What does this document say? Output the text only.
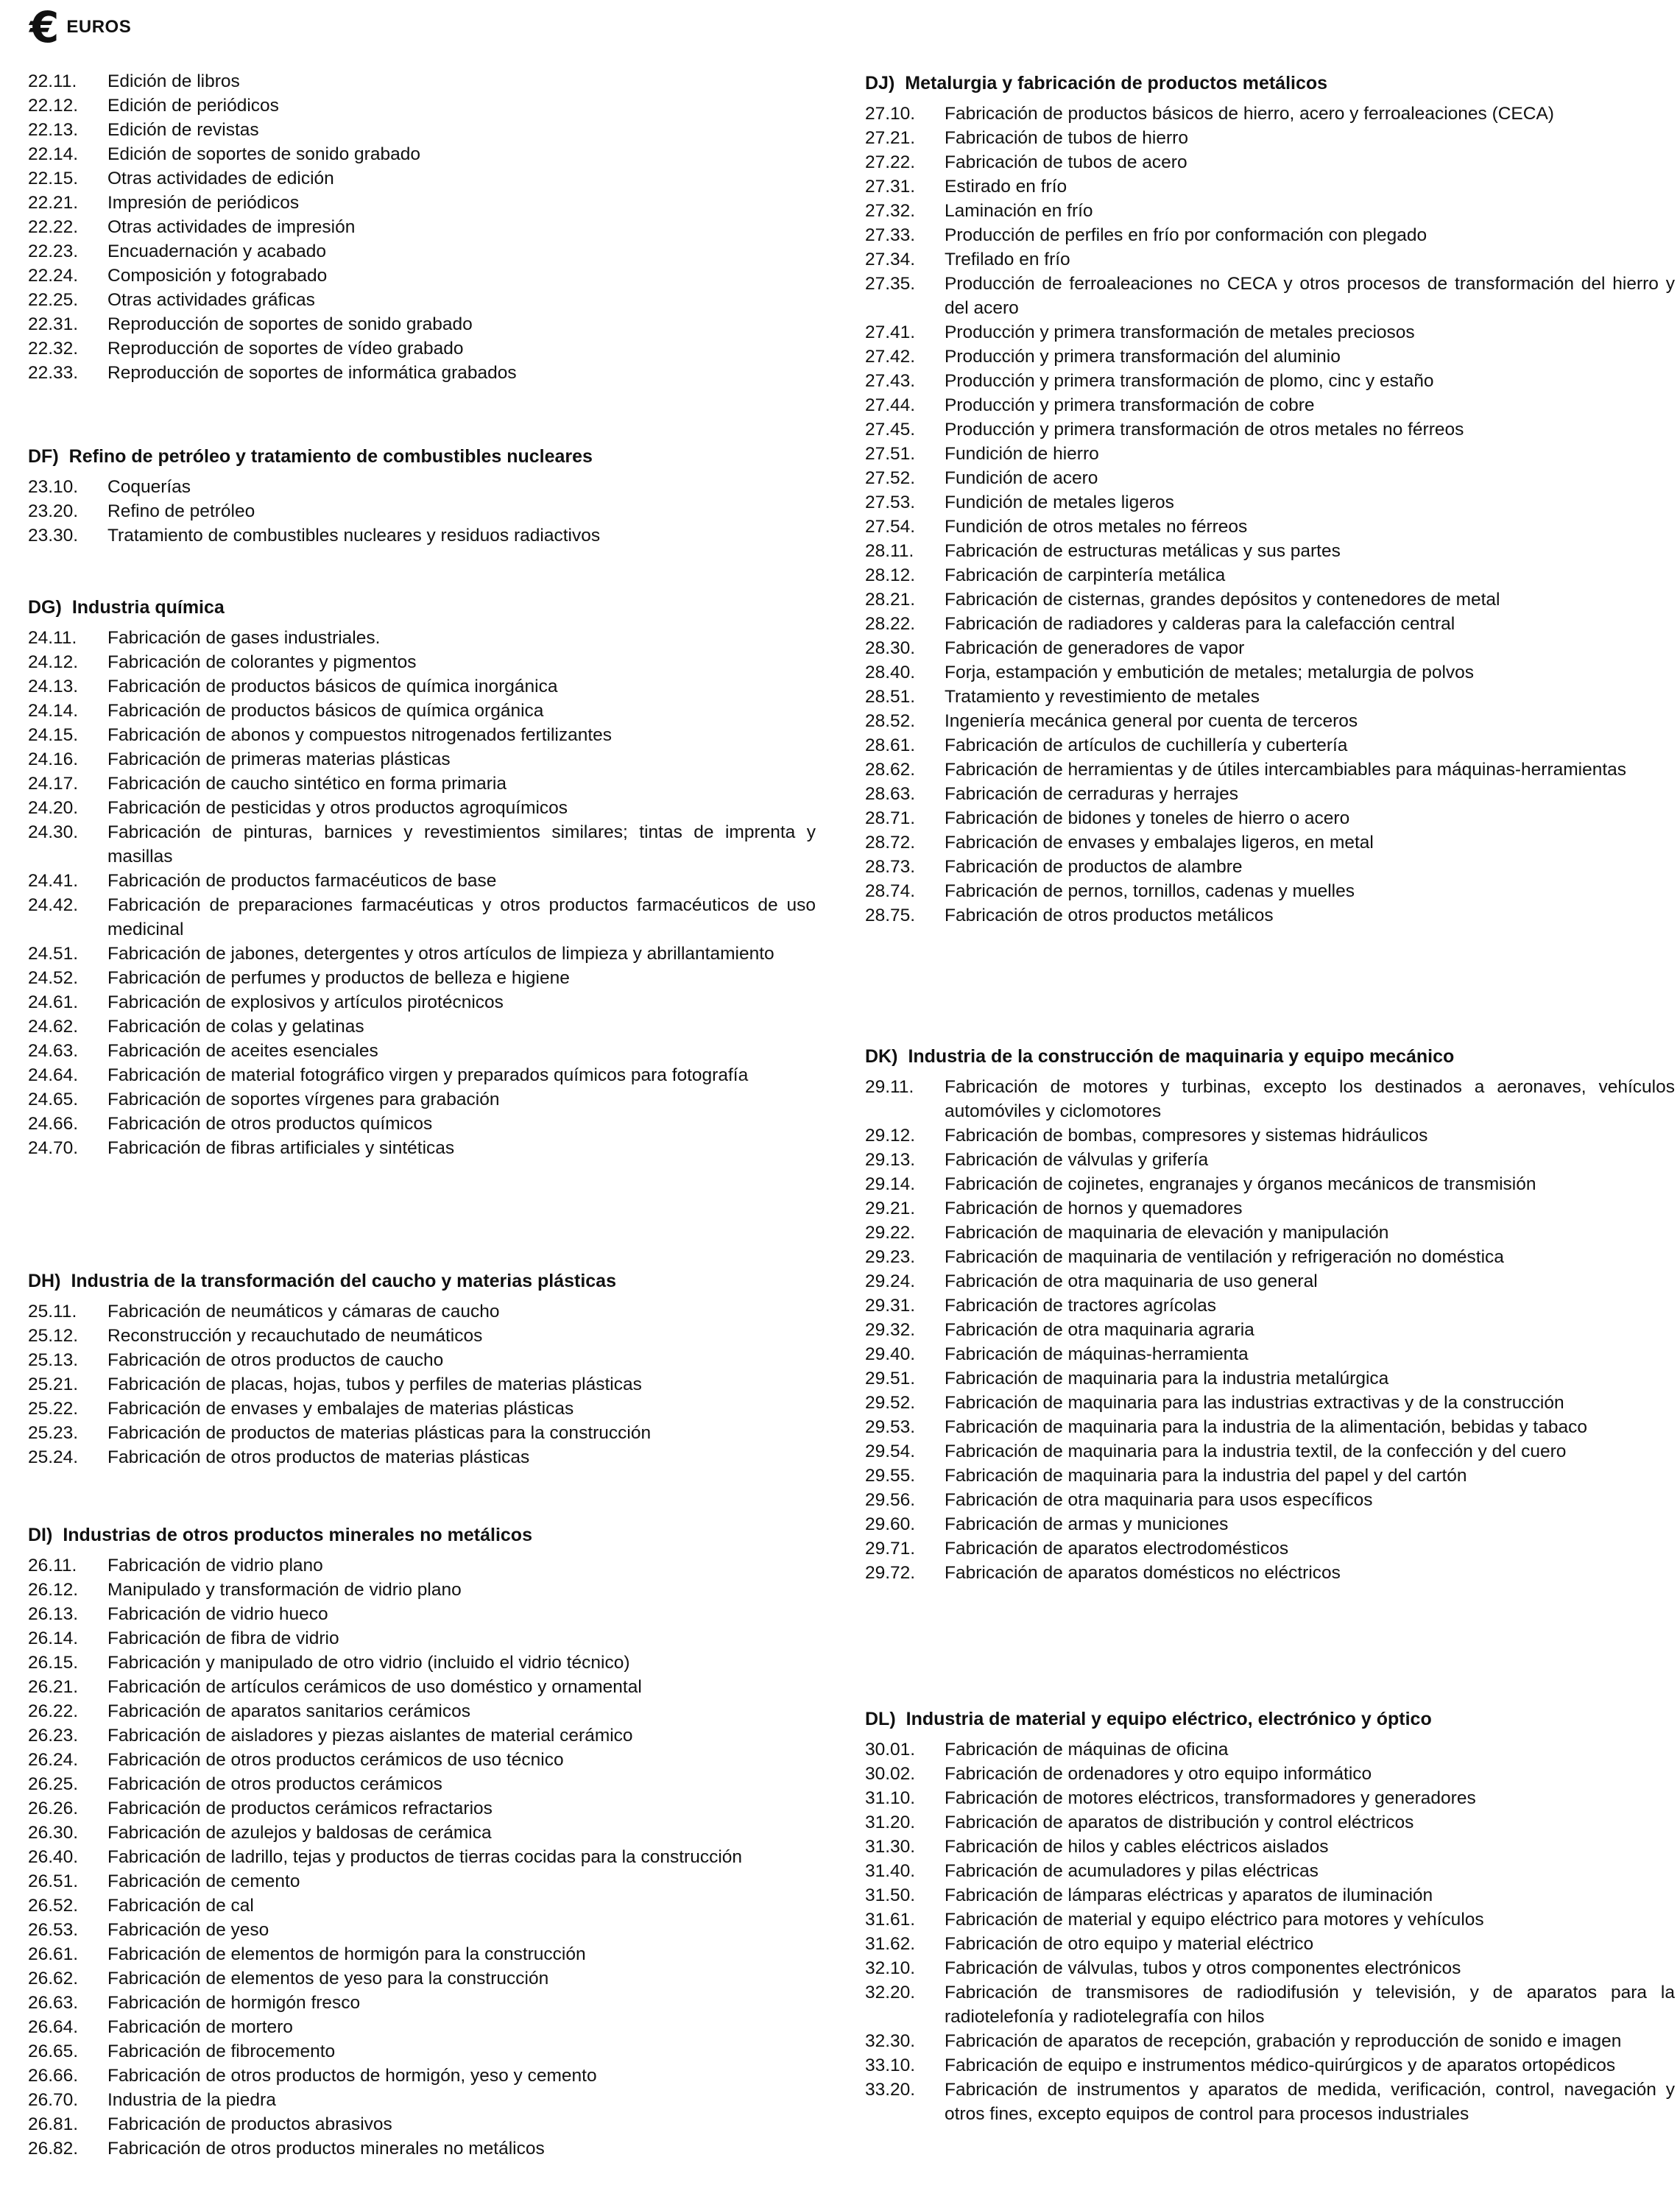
€ EUROS
22.11.	Edición de libros
22.12.	Edición de periódicos
22.13.	Edición de revistas
22.14.	Edición de soportes de sonido grabado
22.15.	Otras actividades de edición
22.21.	Impresión de periódicos
22.22.	Otras actividades de impresión
22.23.	Encuadernación y acabado
22.24.	Composición y fotograbado
22.25.	Otras actividades gráficas
22.31.	Reproducción de soportes de sonido grabado
22.32.	Reproducción de soportes de vídeo grabado
22.33.	Reproducción de soportes de informática grabados
DF) Refino de petróleo y tratamiento de combustibles nucleares
23.10.	Coquerías
23.20.	Refino de petróleo
23.30.	Tratamiento de combustibles nucleares y residuos radiactivos
DG) Industria química
24.11.	Fabricación de gases industriales.
24.12.	Fabricación de colorantes y pigmentos
24.13.	Fabricación de productos básicos de química inorgánica
24.14.	Fabricación de productos básicos de química orgánica
24.15.	Fabricación de abonos y compuestos nitrogenados fertilizantes
24.16.	Fabricación de primeras materias plásticas
24.17.	Fabricación de caucho sintético en forma primaria
24.20.	Fabricación de pesticidas y otros productos agroquímicos
24.30.	Fabricación de pinturas, barnices y revestimientos similares; tintas de imprenta y masillas
24.41.	Fabricación de productos farmacéuticos de base
24.42.	Fabricación de preparaciones farmacéuticas y otros productos farmacéuticos de uso medicinal
24.51.	Fabricación de jabones, detergentes y otros artículos de limpieza y abrillantamiento
24.52.	Fabricación de perfumes y productos de belleza e higiene
24.61.	Fabricación de explosivos y artículos pirotécnicos
24.62.	Fabricación de colas y gelatinas
24.63.	Fabricación de aceites esenciales
24.64.	Fabricación de material fotográfico virgen y preparados químicos para fotografía
24.65.	Fabricación de soportes vírgenes para grabación
24.66.	Fabricación de otros productos químicos
24.70.	Fabricación de fibras artificiales y sintéticas
DH) Industria de la transformación del caucho y materias plásticas
25.11.	Fabricación de neumáticos y cámaras de caucho
25.12.	Reconstrucción y recauchutado de neumáticos
25.13.	Fabricación de otros productos de caucho
25.21.	Fabricación de placas, hojas, tubos y perfiles de materias plásticas
25.22.	Fabricación de envases y embalajes de materias plásticas
25.23.	Fabricación de productos de materias plásticas para la construcción
25.24.	Fabricación de otros productos de materias plásticas
DI) Industrias de otros productos minerales no metálicos
26.11.	Fabricación de vidrio plano
26.12.	Manipulado y transformación de vidrio plano
26.13.	Fabricación de vidrio hueco
26.14.	Fabricación de fibra de vidrio
26.15.	Fabricación y manipulado de otro vidrio (incluido el vidrio técnico)
26.21.	Fabricación de artículos cerámicos de uso doméstico y ornamental
26.22.	Fabricación de aparatos sanitarios cerámicos
26.23.	Fabricación de aisladores y piezas aislantes de material cerámico
26.24.	Fabricación de otros productos cerámicos de uso técnico
26.25.	Fabricación de otros productos cerámicos
26.26.	Fabricación de productos cerámicos refractarios
26.30.	Fabricación de azulejos y baldosas de cerámica
26.40.	Fabricación de ladrillo, tejas y productos de tierras cocidas para la construcción
26.51.	Fabricación de cemento
26.52.	Fabricación de cal
26.53.	Fabricación de yeso
26.61.	Fabricación de elementos de hormigón para la construcción
26.62.	Fabricación de elementos de yeso para la construcción
26.63.	Fabricación de hormigón fresco
26.64.	Fabricación de mortero
26.65.	Fabricación de fibrocemento
26.66.	Fabricación de otros productos de hormigón, yeso y cemento
26.70.	Industria de la piedra
26.81.	Fabricación de productos abrasivos
26.82.	Fabricación de otros productos minerales no metálicos
DJ) Metalurgia y fabricación de productos metálicos
27.10.	Fabricación de productos básicos de hierro, acero y ferroaleaciones (CECA)
27.21.	Fabricación de tubos de hierro
27.22.	Fabricación de tubos de acero
27.31.	Estirado en frío
27.32.	Laminación en frío
27.33.	Producción de perfiles en frío por conformación con plegado
27.34.	Trefilado en frío
27.35.	Producción de ferroaleaciones no CECA y otros procesos de transformación del hierro y del acero
27.41.	Producción y primera transformación de metales preciosos
27.42.	Producción y primera transformación del aluminio
27.43.	Producción y primera transformación de plomo, cinc y estaño
27.44.	Producción y primera transformación de cobre
27.45.	Producción y primera transformación de otros metales no férreos
27.51.	Fundición de hierro
27.52.	Fundición de acero
27.53.	Fundición de metales ligeros
27.54.	Fundición de otros metales no férreos
28.11.	Fabricación de estructuras metálicas y sus partes
28.12.	Fabricación de carpintería metálica
28.21.	Fabricación de cisternas, grandes depósitos y contenedores de metal
28.22.	Fabricación de radiadores y calderas para la calefacción central
28.30.	Fabricación de generadores de vapor
28.40.	Forja, estampación y embutición de metales; metalurgia de polvos
28.51.	Tratamiento y revestimiento de metales
28.52.	Ingeniería mecánica general por cuenta de terceros
28.61.	Fabricación de artículos de cuchillería y cubertería
28.62.	Fabricación de herramientas y de útiles intercambiables para máquinas-herramientas
28.63.	Fabricación de cerraduras y herrajes
28.71.	Fabricación de bidones y toneles de hierro o acero
28.72.	Fabricación de envases y embalajes ligeros, en metal
28.73.	Fabricación de productos de alambre
28.74.	Fabricación de pernos, tornillos, cadenas y muelles
28.75.	Fabricación de otros productos metálicos
DK) Industria de la construcción de maquinaria y equipo mecánico
29.11.	Fabricación de motores y turbinas, excepto los destinados a aeronaves, vehículos automóviles y ciclomotores
29.12.	Fabricación de bombas, compresores y sistemas hidráulicos
29.13.	Fabricación de válvulas y grifería
29.14.	Fabricación de cojinetes, engranajes y órganos mecánicos de transmisión
29.21.	Fabricación de hornos y quemadores
29.22.	Fabricación de maquinaria de elevación y manipulación
29.23.	Fabricación de maquinaria de ventilación y refrigeración no doméstica
29.24.	Fabricación de otra maquinaria de uso general
29.31.	Fabricación de tractores agrícolas
29.32.	Fabricación de otra maquinaria agraria
29.40.	Fabricación de máquinas-herramienta
29.51.	Fabricación de maquinaria para la industria metalúrgica
29.52.	Fabricación de maquinaria para las industrias extractivas y de la construcción
29.53.	Fabricación de maquinaria para la industria de la alimentación, bebidas y tabaco
29.54.	Fabricación de maquinaria para la industria textil, de la confección y del cuero
29.55.	Fabricación de maquinaria para la industria del papel y del cartón
29.56.	Fabricación de otra maquinaria para usos específicos
29.60.	Fabricación de armas y municiones
29.71.	Fabricación de aparatos electrodomésticos
29.72.	Fabricación de aparatos domésticos no eléctricos
DL) Industria de material y equipo eléctrico, electrónico y óptico
30.01.	Fabricación de máquinas de oficina
30.02.	Fabricación de ordenadores y otro equipo informático
31.10.	Fabricación de motores eléctricos, transformadores y generadores
31.20.	Fabricación de aparatos de distribución y control eléctricos
31.30.	Fabricación de hilos y cables eléctricos aislados
31.40.	Fabricación de acumuladores y pilas eléctricas
31.50.	Fabricación de lámparas eléctricas y aparatos de iluminación
31.61.	Fabricación de material y equipo eléctrico para motores y vehículos
31.62.	Fabricación de otro equipo y material eléctrico
32.10.	Fabricación de válvulas, tubos y otros componentes electrónicos
32.20.	Fabricación de transmisores de radiodifusión y televisión, y de aparatos para la radiotelefonía y radiotelegrafía con hilos
32.30.	Fabricación de aparatos de recepción, grabación y reproducción de sonido e imagen
33.10.	Fabricación de equipo e instrumentos médico-quirúrgicos y de aparatos ortopédicos
33.20.	Fabricación de instrumentos y aparatos de medida, verificación, control, navegación y otros fines, excepto equipos de control para procesos industriales
